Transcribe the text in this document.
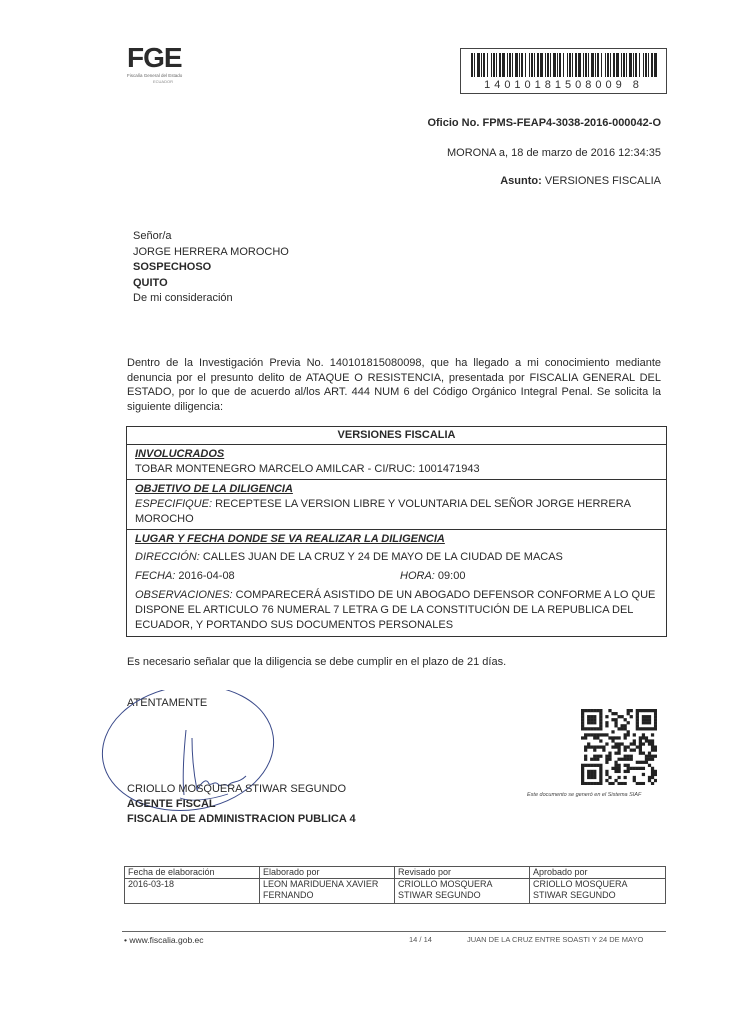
FGE
Fiscalía General del Estado
ECUADOR	14010181508009 8
Oficio No. FPMS-FEAP4-3038-2016-000042-O
MORONA a, 18 de marzo de 2016 12:34:35
Asunto: VERSIONES FISCALIA
Señor/a
JORGE HERRERA MOROCHO
SOSPECHOSO
QUITO
De mi consideración
Dentro de la Investigación Previa No. 140101815080098, que ha llegado a mi conocimiento mediante denuncia por el presunto delito de ATAQUE O RESISTENCIA, presentada por FISCALIA GENERAL DEL ESTADO, por lo que de acuerdo al/los ART. 444 NUM 6 del Código Orgánico Integral Penal. Se solicita la siguiente diligencia:
VERSIONES FISCALIA
INVOLUCRADOS
TOBAR MONTENEGRO MARCELO AMILCAR - CI/RUC: 1001471943
OBJETIVO DE LA DILIGENCIA
ESPECIFIQUE: RECEPTESE LA VERSION LIBRE Y VOLUNTARIA DEL SEÑOR JORGE HERRERA MOROCHO
LUGAR Y FECHA DONDE SE VA REALIZAR LA DILIGENCIA
DIRECCIÓN: CALLES JUAN DE LA CRUZ Y 24 DE MAYO DE LA CIUDAD DE MACAS
FECHA: 2016-04-08	HORA: 09:00
OBSERVACIONES: COMPARECERÁ ASISTIDO DE UN ABOGADO DEFENSOR CONFORME A LO QUE DISPONE EL ARTICULO 76 NUMERAL 7 LETRA G DE LA CONSTITUCIÓN DE LA REPUBLICA DEL ECUADOR, Y PORTANDO SUS DOCUMENTOS PERSONALES
Es necesario señalar que la diligencia se debe cumplir en el plazo de 21 días.
ATENTAMENTE
CRIOLLO MOSQUERA STIWAR SEGUNDO
AGENTE FISCAL
FISCALIA DE ADMINISTRACION PUBLICA 4
Este documento se generó en el Sistema SIAF
Fecha de elaboración	Elaborado por	Revisado por	Aprobado por
2016-03-18	LEON MARIDUENA XAVIER FERNANDO	CRIOLLO MOSQUERA STIWAR SEGUNDO	CRIOLLO MOSQUERA STIWAR SEGUNDO
• www.fiscalia.gob.ec	14 / 14	JUAN DE LA CRUZ ENTRE SOASTI Y 24 DE MAYO
